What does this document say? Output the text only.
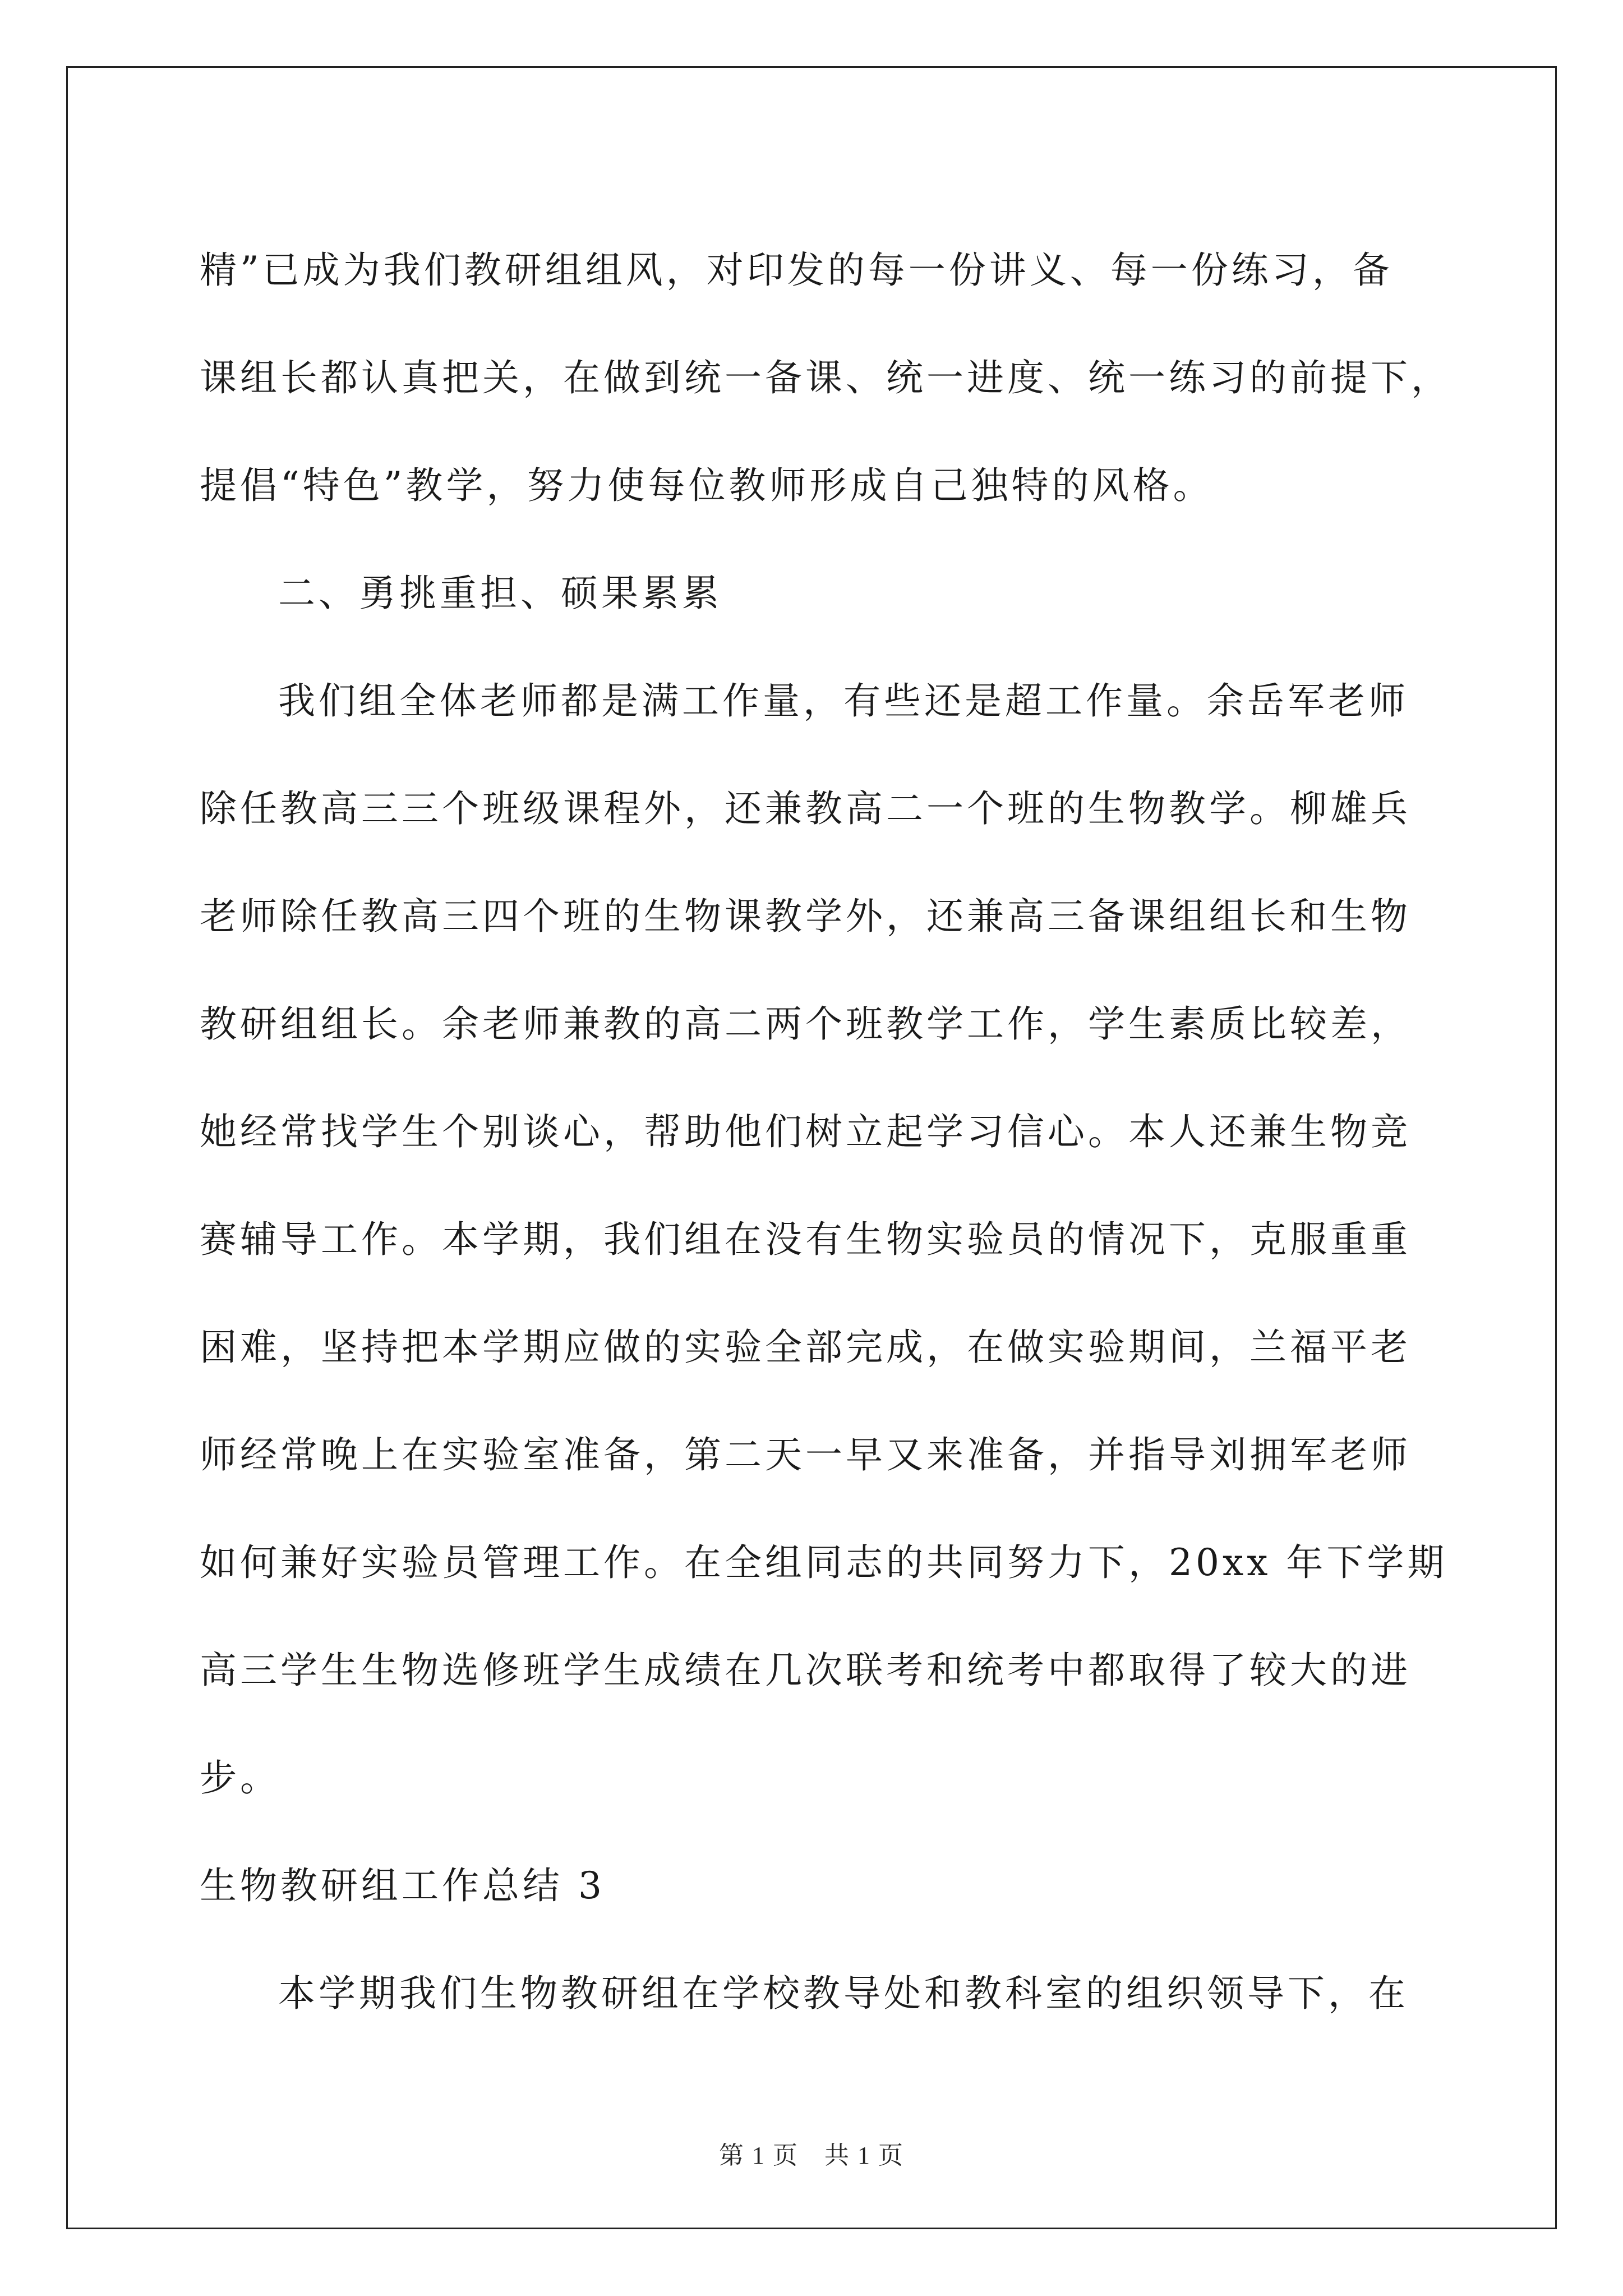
精”已成为我们教研组组风，对印发的每一份讲义、每一份练习，备
课组长都认真把关，在做到统一备课、统一进度、统一练习的前提下，
提倡“特色”教学，努力使每位教师形成自己独特的风格。
二、勇挑重担、硕果累累
我们组全体老师都是满工作量，有些还是超工作量。余岳军老师
除任教高三三个班级课程外，还兼教高二一个班的生物教学。柳雄兵
老师除任教高三四个班的生物课教学外，还兼高三备课组组长和生物
教研组组长。余老师兼教的高二两个班教学工作，学生素质比较差，
她经常找学生个别谈心，帮助他们树立起学习信心。本人还兼生物竞
赛辅导工作。本学期，我们组在没有生物实验员的情况下，克服重重
困难，坚持把本学期应做的实验全部完成，在做实验期间，兰福平老
师经常晚上在实验室准备，第二天一早又来准备，并指导刘拥军老师
如何兼好实验员管理工作。在全组同志的共同努力下，20xx 年下学期
高三学生生物选修班学生成绩在几次联考和统考中都取得了较大的进
步。
生物教研组工作总结 3
本学期我们生物教研组在学校教导处和教科室的组织领导下，在
第 1 页　共 1 页
